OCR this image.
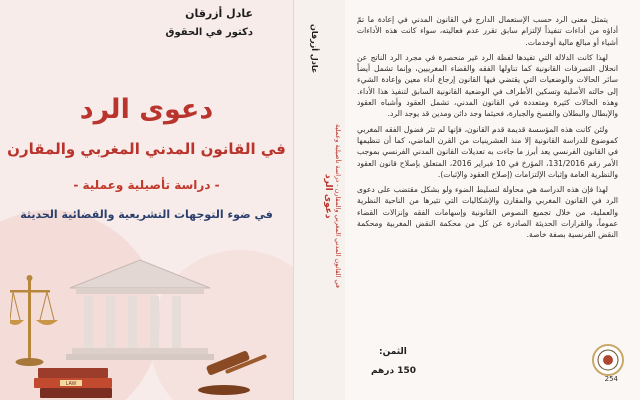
عادل أزرقان
دكتور في الحقوق
دعوى الرد
في القانون المدني المغربي والمقارن
- دراسة تأصيلية وعملية -
في ضوء التوجهات التشريعية والقضائية الحديثة
LAW
عادل أزرقان
دعوى الرد في القانون المدني المغربي والمقارن - دراسة تأصيلية وعملية

يتمثل معنى الرد حسب الإستعمال الدارج في القانون المدني في إعادة ما تمّ أداؤه من أداءات تنفيذاً لإلتزام سابق تقرر عدم فعاليته، سواء كانت هذه الأداءات أشياء أو مبالغ مالية أوخدمات.

لهذا كانت الدلالة التي تفيدها لفظة الرد غير منحصرة في مجرد الرد الناتج عن انحلال التصرفات القانونية كما تناولها الفقه والقضاء المغربيين، وإنما تشمل أيضاً سائر الحالات والوضعيات التي يقتضي فيها القانون إرجاع أداء معين وإعادة الشيء إلى حالته الأصلية وتسكين الأطراف في الوضعية القانونية السابق لتنفيذ هذا الأداء. وهذه الحالات كثيرة ومتعددة في القانون المدني، تشمل العقود وأشباه العقود والإبطال والبطلان والفسخ والجبارة، فحيثما وجد دائن ومدين قد يوجد الرد.

ولئن كانت هذه المؤسسة قديمة قدم القانون، فإنها لم تثر فضول الفقه المغربي كموضوع للدراسة القانونية إلا منذ العشرينيات من القرن الماضي، كما أن تنظيمها في القانون الفرنسي يعد أبرز ما جاءت به تعديلات القانون المدني الفرنسي بموجب الأمر رقم 131/2016، المؤرخ في 10 فبراير 2016، المتعلق بإصلاح قانون العقود والنظرية العامة وإثبات الإلتزامات (إصلاح العقود والإثبات).

لهذا فإن هذه الدراسة هي محاولة لتسليط الضوء ولو بشكل مقتضب على دعوى الرد في القانون المغربي والمقارن والإشكاليات التي تثيرها من الناحية النظرية والعملية، من خلال تجميع النصوص القانونية وإسهامات الفقه وإنزالات القضاء عموماً، والقرارات الحديثة الصادرة عن كل من محكمة النقض المغربية ومحكمة النقض الفرنسية بصفة خاصة.

الثمن:
150 درهم
254
